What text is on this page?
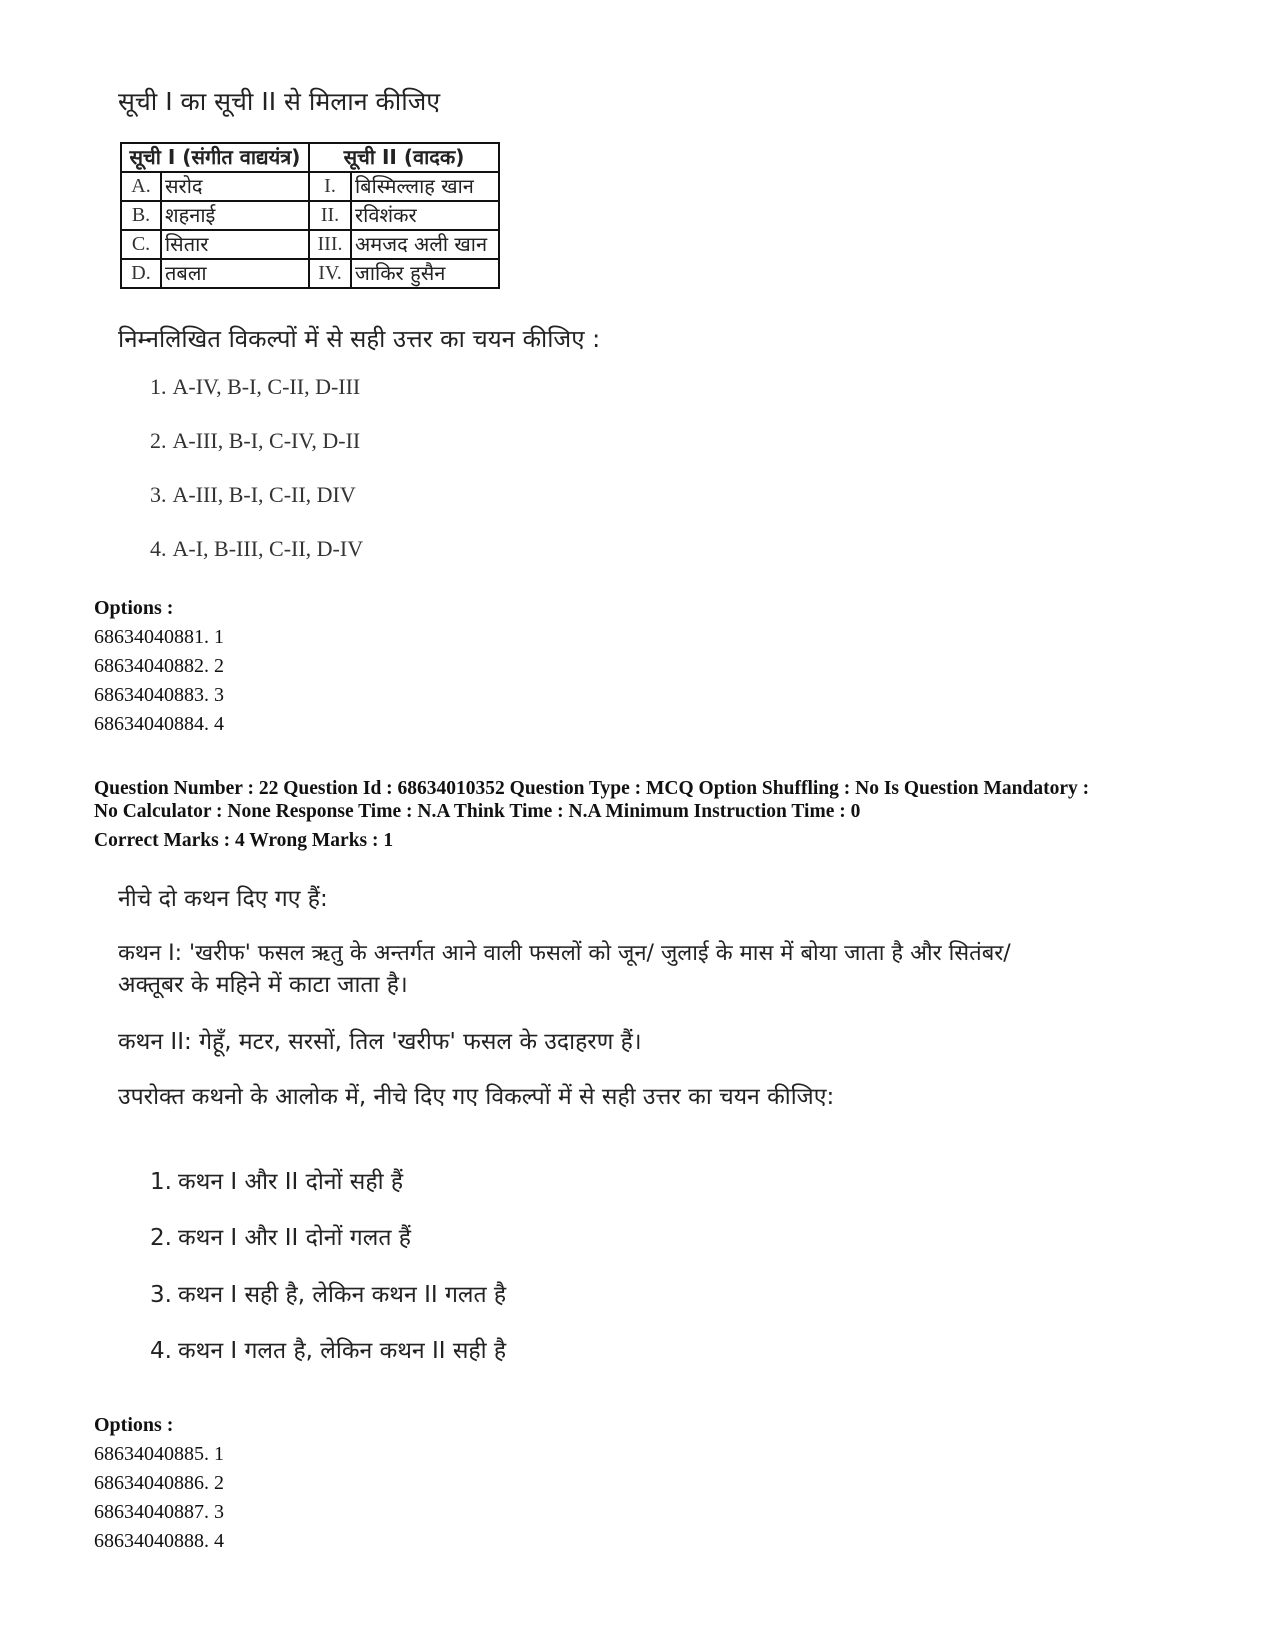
सूची I का सूची II से मिलान कीजिए
सूची I (संगीत वाद्ययंत्र)		सूची II (वादक)	
A.	सरोद	I.	बिस्मिल्लाह खान
B.	शहनाई	II.	रविशंकर
C.	सितार	III.	अमजद अली खान
D.	तबला	IV.	जाकिर हुसैन
निम्नलिखित विकल्पों में से सही उत्तर का चयन कीजिए :
1. A-IV, B-I, C-II, D-III
2. A-III, B-I, C-IV, D-II
3. A-III, B-I, C-II, DIV
4. A-I, B-III, C-II, D-IV
Options :
68634040881. 1
68634040882. 2
68634040883. 3
68634040884. 4
Question Number : 22 Question Id : 68634010352 Question Type : MCQ Option Shuffling : No Is Question Mandatory :
No Calculator : None Response Time : N.A Think Time : N.A Minimum Instruction Time : 0
Correct Marks : 4 Wrong Marks : 1
नीचे दो कथन दिए गए हैं:
कथन I: 'खरीफ' फसल ऋतु के अन्तर्गत आने वाली फसलों को जून/ जुलाई के मास में बोया जाता है और सितंबर/
अक्तूबर के महिने में काटा जाता है।
कथन II: गेहूँ, मटर, सरसों, तिल 'खरीफ' फसल के उदाहरण हैं।
उपरोक्त कथनो के आलोक में, नीचे दिए गए विकल्पों में से सही उत्तर का चयन कीजिए:
1. कथन I और II दोनों सही हैं
2. कथन I और II दोनों गलत हैं
3. कथन I सही है, लेकिन कथन II गलत है
4. कथन I गलत है, लेकिन कथन II सही है
Options :
68634040885. 1
68634040886. 2
68634040887. 3
68634040888. 4
